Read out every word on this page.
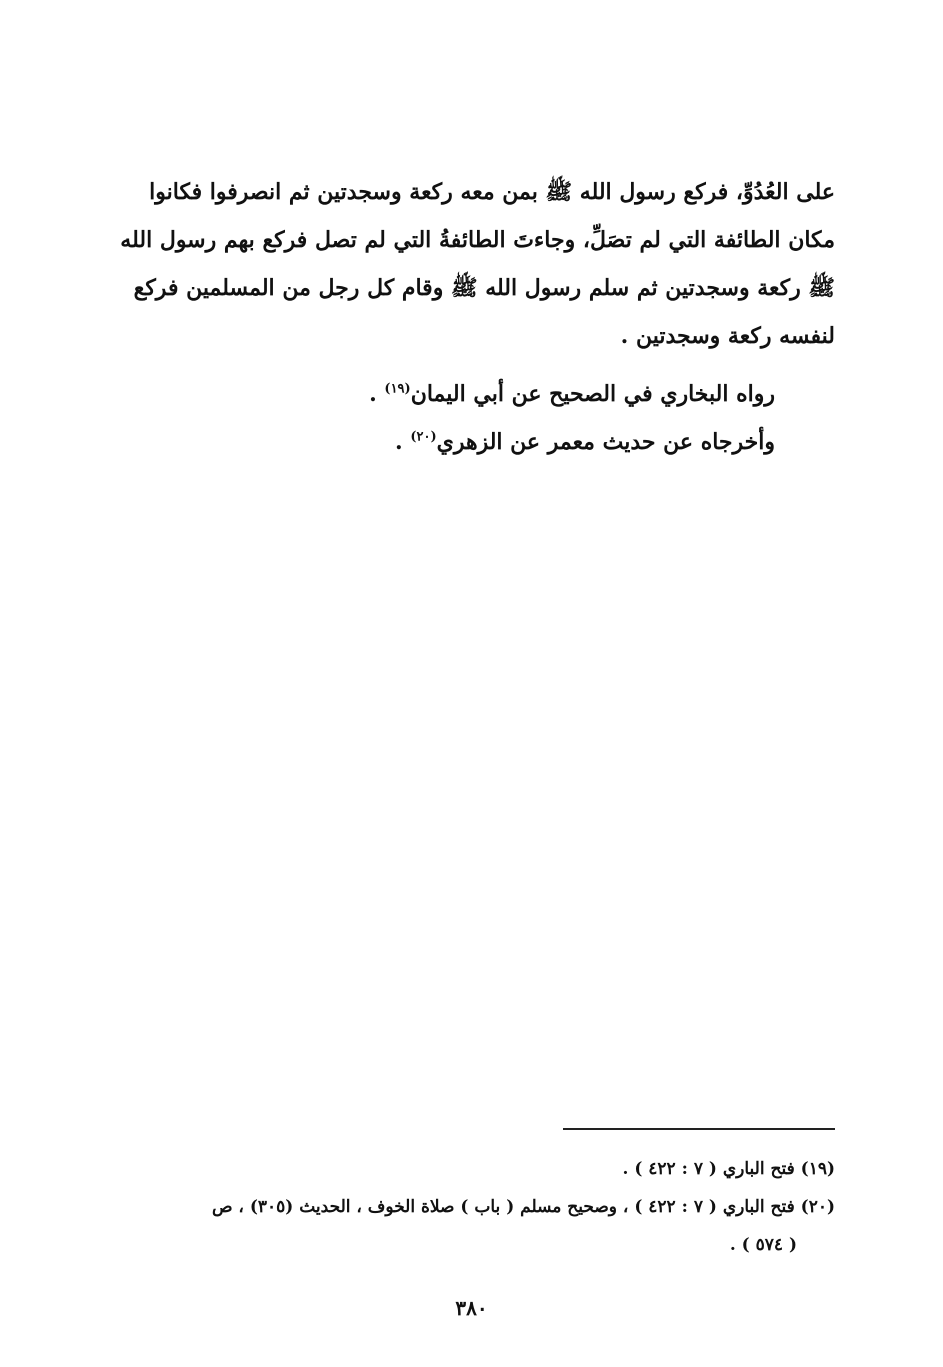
على العُدُوِّ، فركع رسول الله ﷺ بمن معه ركعة وسجدتين ثم انصرفوا فكانوا

مكان الطائفة التي لم تصَلِّ، وجاءتَ الطائفةُ التي لم تصل فركع بهم رسول الله

ﷺ ركعة وسجدتين ثم سلم رسول الله ﷺ وقام كل رجل من المسلمين فركع

لنفسه ركعة وسجدتين .

رواه البخاري في الصحيح عن أبي اليمان$^{(١٩)}$ .

وأخرجاه عن حديث معمر عن الزهري$^{(٢٠)}$ .

(١٩) فتح الباري ( ٧ : ٤٢٢ ) .

(٢٠) فتح الباري ( ٧ : ٤٢٢ ) ، وصحيح مسلم ( باب ) صلاة الخوف ، الحديث (٣٠٥) ، ص

( ٥٧٤ ) .

٣٨٠
